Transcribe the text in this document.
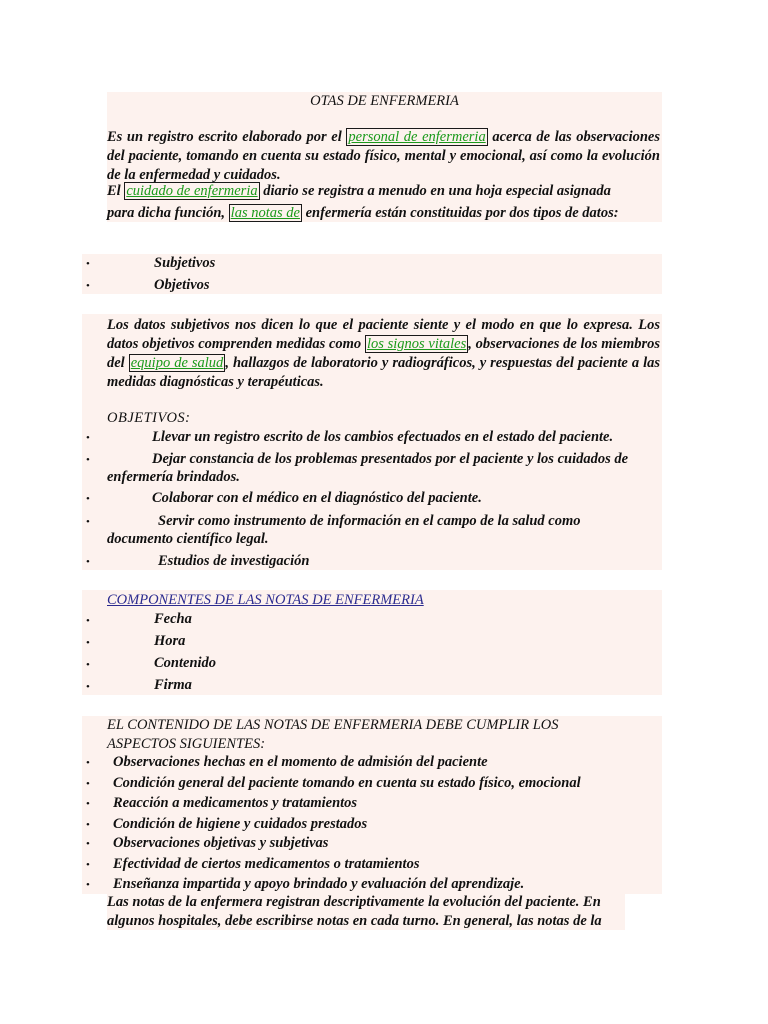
OTAS DE ENFERMERIA
Es un registro escrito elaborado por el personal de enfermeria acerca de las observaciones del paciente, tomando en cuenta su estado físico, mental y emocional, así como la evolución de la enfermedad y cuidados.
El cuidado de enfermeria diario se registra a menudo en una hoja especial asignada
para dicha función, las notas de enfermería están constituidas por dos tipos de datos:
•	Subjetivos
•	Objetivos
Los datos subjetivos nos dicen lo que el paciente siente y el modo en que lo expresa. Los datos objetivos comprenden medidas como los signos vitales , observaciones de los miembros del equipo de salud , hallazgos de laboratorio y radiográficos, y respuestas del paciente a las medidas diagnósticas y terapéuticas.
OBJETIVOS:
•	Llevar un registro escrito de los cambios efectuados en el estado del paciente.
•	Dejar constancia de los problemas presentados por el paciente y los cuidados de
enfermería brindados.
•	Colaborar con el médico en el diagnóstico del paciente.
•	Servir como instrumento de información en el campo de la salud como
documento científico legal.
•	Estudios de investigación
COMPONENTES DE LAS NOTAS DE ENFERMERIA
•	Fecha
•	Hora
•	Contenido
•	Firma
EL CONTENIDO DE LAS NOTAS DE ENFERMERIA DEBE CUMPLIR LOS
ASPECTOS SIGUIENTES:
• Observaciones hechas en el momento de admisión del paciente
• Condición general del paciente tomando en cuenta su estado físico, emocional
• Reacción a medicamentos y tratamientos
• Condición de higiene y cuidados prestados
• Observaciones objetivas y subjetivas
• Efectividad de ciertos medicamentos o tratamientos
• Enseñanza impartida y apoyo brindado y evaluación del aprendizaje.
Las notas de la enfermera registran descriptivamente la evolución del paciente. En
algunos hospitales, debe escribirse notas en cada turno. En general, las notas de la
